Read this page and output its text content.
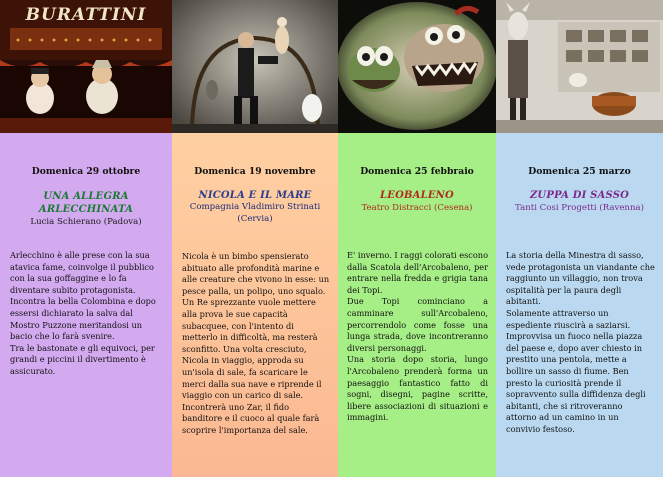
BURATTINI
Domenica 29 ottobre
UNA ALLEGRA ARLECCHINATA
Lucia Schierano (Padova)

Arlecchino è alle prese con la sua atavica fame, coinvolge il pubblico con la sua goffaggine e lo fa diventare subito protagonista. Incontra la bella Colombina e dopo essersi dichiarato la salva dal Mostro Puzzone meritandosi un bacio che lo farà svenire.

Tra le bastonate e gli equivoci, per grandi e piccini il divertimento è assicurato.

Domenica 19 novembre
NICOLA E IL MARE
Compagnia Vladimiro Strinati (Cervia)

Nicola è un bimbo spensierato abituato alle profondità marine e alle creature che vivono in esse: un pesce palla, un polipo, uno squalo. Un Re sprezzante vuole mettere alla prova le sue capacità subacquee, con l'intento di metterlo in difficoltà, ma resterà sconfitto. Una volta cresciuto, Nicola in viaggio, approda su un'isola di sale, fa scaricare le merci dalla sua nave e riprende il viaggio con un carico di sale. Incontrerà uno Zar, il fido banditore e il cuoco al quale farà scoprire l'importanza del sale.

Domenica 25 febbraio
LEOBALENO
Teatro Distracci (Cesena)

E' inverno. I raggi colorati escono dalla Scatola dell'Arcobaleno, per entrare nella fredda e grigia tana dei Topi.

Due Topi cominciano a camminare sull'Arcobaleno, percorrendolo come fosse una lunga strada, dove incontreranno diversi personaggi.

Una storia dopo storia, lungo l'Arcobaleno prenderà forma un paesaggio fantastico fatto di sogni, disegni, pagine scritte, libere associazioni di situazioni e immagini.

Domenica 25 marzo
ZUPPA DI SASSO
Tanti Cosi Progetti (Ravenna)

La storia della Minestra di sasso, vede protagonista un viandante che raggiunto un villaggio, non trova ospitalità per la paura degli abitanti.

Solamente attraverso un espediente riuscirà a saziarsi.

Improvvisa un fuoco nella piazza del paese e, dopo aver chiesto in prestito una pentola, mette a bollire un sasso di fiume. Ben presto la curiosità prende il sopravvento sulla diffidenza degli abitanti, che si ritroveranno attorno ad un camino in un convivio festoso.
